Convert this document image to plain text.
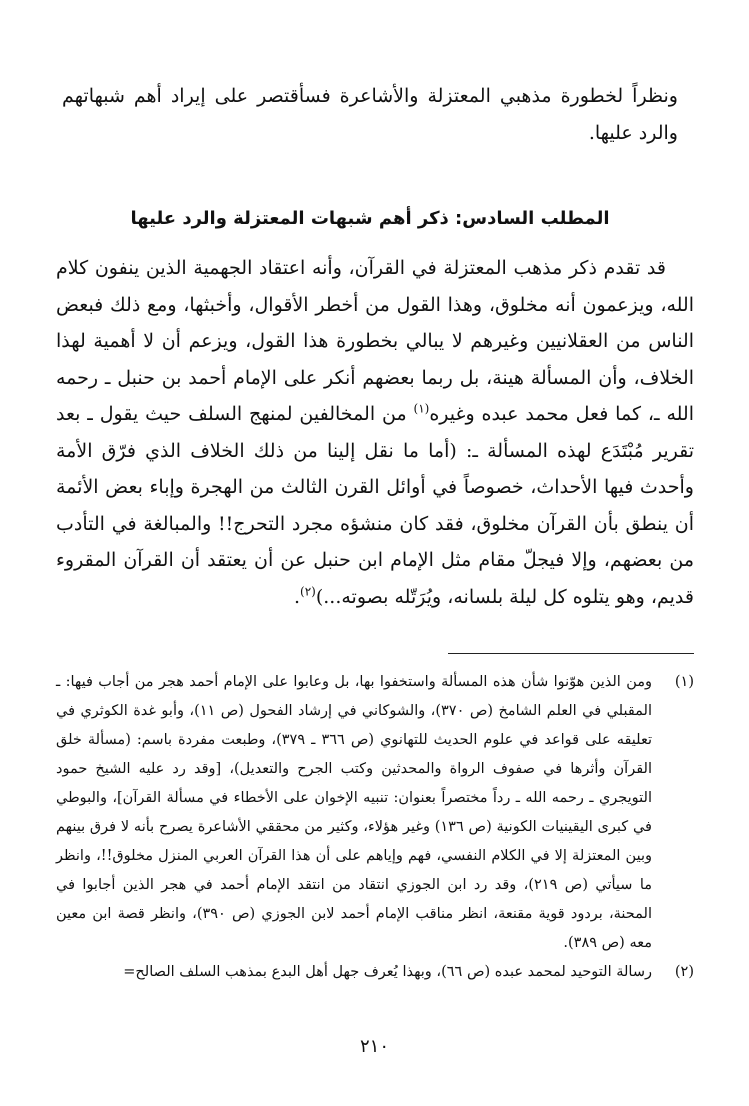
ونظراً لخطورة مذهبي المعتزلة والأشاعرة فسأقتصر على إيراد أهم شبهاتهم والرد عليها.

المطلب السادس: ذكر أهم شبهات المعتزلة والرد عليها

قد تقدم ذكر مذهب المعتزلة في القرآن، وأنه اعتقاد الجهمية الذين ينفون كلام الله، ويزعمون أنه مخلوق، وهذا القول من أخطر الأقوال، وأخبثها، ومع ذلك فبعض الناس من العقلانيين وغيرهم لا يبالي بخطورة هذا القول، ويزعم أن لا أهمية لهذا الخلاف، وأن المسألة هينة، بل ربما بعضهم أنكر على الإمام أحمد بن حنبل ـ رحمه الله ـ، كما فعل محمد عبده وغيره$^{(١)}$ من المخالفين لمنهج السلف حيث يقول ـ بعد تقرير مُبْتَدَع لهذه المسألة ـ: (أما ما نقل إلينا من ذلك الخلاف الذي فرّق الأمة وأحدث فيها الأحداث، خصوصاً في أوائل القرن الثالث من الهجرة وإباء بعض الأئمة أن ينطق بأن القرآن مخلوق، فقد كان منشؤه مجرد التحرج!! والمبالغة في التأدب من بعضهم، وإلا فيجلّ مقام مثل الإمام ابن حنبل عن أن يعتقد أن القرآن المقروء قديم، وهو يتلوه كل ليلة بلسانه، ويُرَتّله بصوته...)$^{(٢)}$.

(١)
ومن الذين هوّنوا شأن هذه المسألة واستخفوا بها، بل وعابوا على الإمام أحمد هجر من أجاب فيها: ـ المقبلي في العلم الشامخ (ص ٣٧٠)، والشوكاني في إرشاد الفحول (ص ١١)، وأبو غدة الكوثري في تعليقه على قواعد في علوم الحديث للتهانوي (ص ٣٦٦ ـ ٣٧٩)، وطبعت مفردة باسم: (مسألة خلق القرآن وأثرها في صفوف الرواة والمحدثين وكتب الجرح والتعديل)، [وقد رد عليه الشيخ حمود التويجري ـ رحمه الله ـ رداً مختصراً بعنوان: تنبيه الإخوان على الأخطاء في مسألة القرآن]، والبوطي في كبرى اليقينيات الكونية (ص ١٣٦) وغير هؤلاء، وكثير من محققي الأشاعرة يصرح بأنه لا فرق بينهم وبين المعتزلة إلا في الكلام النفسي، فهم وإياهم على أن هذا القرآن العربي المنزل مخلوق!!، وانظر ما سيأتي (ص ٢١٩)، وقد رد ابن الجوزي انتقاد من انتقد الإمام أحمد في هجر الذين أجابوا في المحنة، بردود قوية مقنعة، انظر مناقب الإمام أحمد لابن الجوزي (ص ٣٩٠)، وانظر قصة ابن معين معه (ص ٣٨٩).
(٢)
رسالة التوحيد لمحمد عبده (ص ٦٦)، وبهذا يُعرف جهل أهل البدع بمذهب السلف الصالح=
٢١٠
